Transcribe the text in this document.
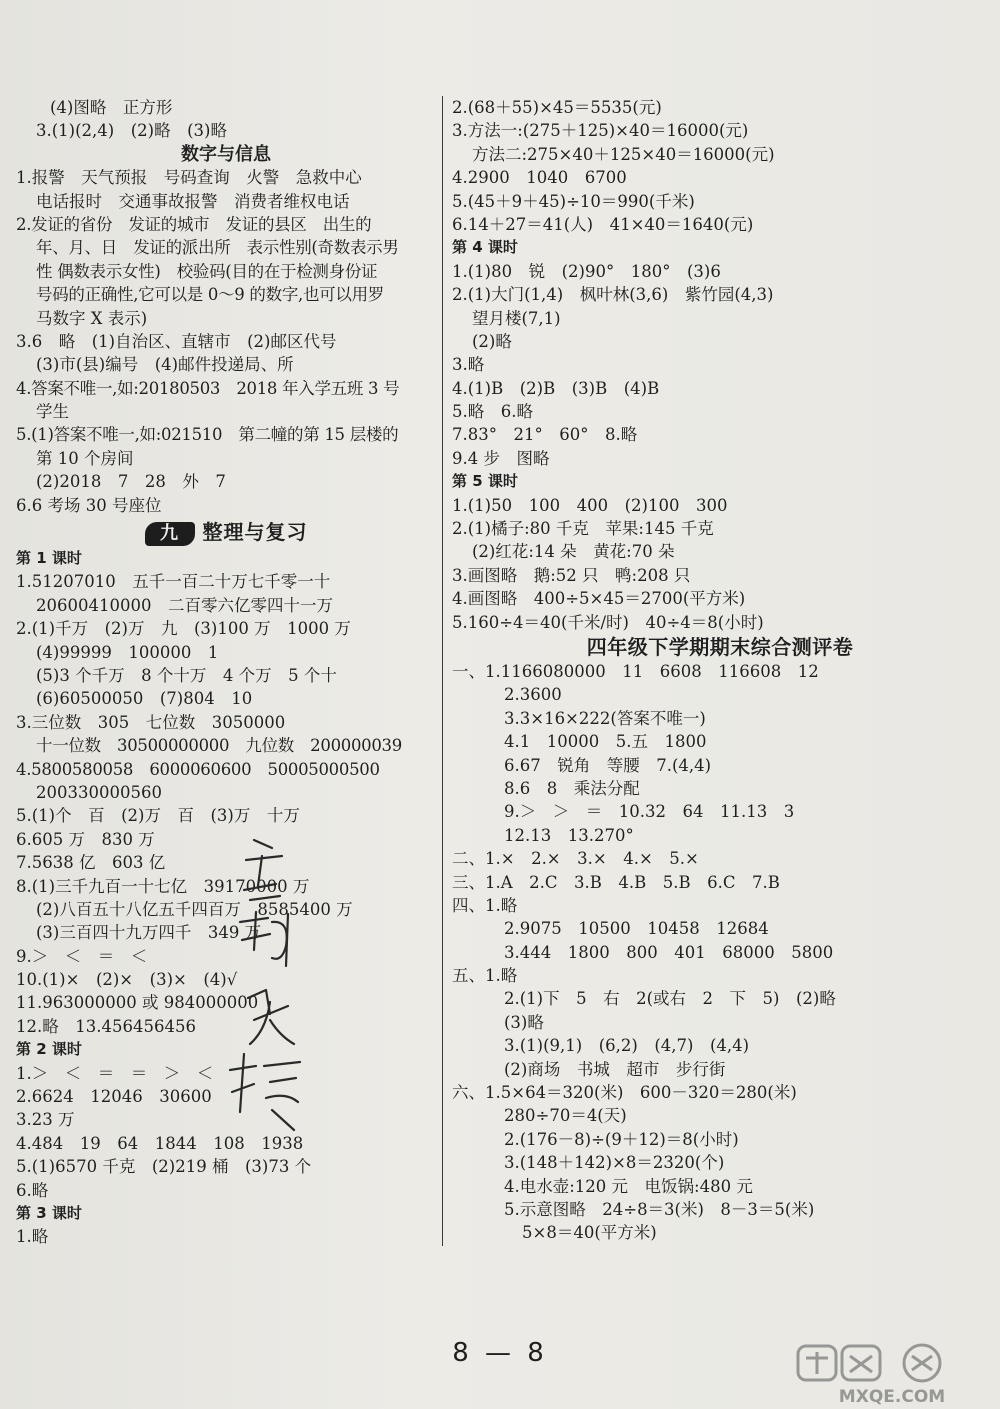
(4)图略　正方形
3.(1)(2,4)　(2)略　(3)略
数字与信息
1.报警　天气预报　号码查询　火警　急救中心
电话报时　交通事故报警　消费者维权电话
2.发证的省份　发证的城市　发证的县区　出生的
年、月、日　发证的派出所　表示性别(奇数表示男
性 偶数表示女性)　校验码(目的在于检测身份证
号码的正确性,它可以是 0～9 的数字,也可以用罗
马数字 X 表示)
3.6　略　(1)自治区、直辖市　(2)邮区代号
(3)市(县)编号　(4)邮件投递局、所
4.答案不唯一,如:20180503　2018 年入学五班 3 号
学生
5.(1)答案不唯一,如:021510　第二幢的第 15 层楼的
第 10 个房间
(2)2018　7　28　外　7
6.6 考场 30 号座位
九 整理与复习
第 1 课时
1.51207010　五千一百二十万七千零一十
20600410000　二百零六亿零四十一万
2.(1)千万　(2)万　九　(3)100 万　1000 万
(4)99999　100000　1
(5)3 个千万　8 个十万　4 个万　5 个十
(6)60500050　(7)804　10
3.三位数　305　七位数　3050000
十一位数　30500000000　九位数　200000039
4.5800580058　6000060600　50005000500
200330000560
5.(1)个　百　(2)万　百　(3)万　十万
6.605 万　830 万
7.5638 亿　603 亿
8.(1)三千九百一十七亿　39170000 万
(2)八百五十八亿五千四百万　8585400 万
(3)三百四十九万四千　349 万
9.＞　＜　＝　＜
10.(1)×　(2)×　(3)×　(4)√
11.963000000 或 984000000
12.略　13.456456456
第 2 课时
1.＞　＜　＝　＝　＞　＜
2.6624　12046　30600
3.23 万
4.484　19　64　1844　108　1938
5.(1)6570 千克　(2)219 桶　(3)73 个
6.略
第 3 课时
1.略
2.(68＋55)×45＝5535(元)
3.方法一:(275＋125)×40＝16000(元)
方法二:275×40＋125×40＝16000(元)
4.2900　1040　6700
5.(45＋9＋45)÷10＝990(千米)
6.14＋27＝41(人)　41×40＝1640(元)
第 4 课时
1.(1)80　锐　(2)90°　180°　(3)6
2.(1)大门(1,4)　枫叶林(3,6)　紫竹园(4,3)
望月楼(7,1)
(2)略
3.略
4.(1)B　(2)B　(3)B　(4)B
5.略　6.略
7.83°　21°　60°　8.略
9.4 步　图略
第 5 课时
1.(1)50　100　400　(2)100　300
2.(1)橘子:80 千克　苹果:145 千克
(2)红花:14 朵　黄花:70 朵
3.画图略　鹅:52 只　鸭:208 只
4.画图略　400÷5×45＝2700(平方米)
5.160÷4＝40(千米/时)　40÷4＝8(小时)
四年级下学期期末综合测评卷
一、1.1166080000　11　6608　116608　12
2.3600
3.3×16×222(答案不唯一)
4.1　10000　5.五　1800
6.67　锐角　等腰　7.(4,4)
8.6　8　乘法分配
9.＞　＞　＝　10.32　64　11.13　3
12.13　13.270°
二、1.×　2.×　3.×　4.×　5.×
三、1.A　2.C　3.B　4.B　5.B　6.C　7.B
四、1.略
2.9075　10500　10458　12684
3.444　1800　800　401　68000　5800
五、1.略
2.(1)下　5　右　2(或右　2　下　5)　(2)略
(3)略
3.(1)(9,1)　(6,2)　(4,7)　(4,4)
(2)商场　书城　超市　步行街
六、1.5×64＝320(米)　600－320＝280(米)
280÷70＝4(天)
2.(176－8)÷(9＋12)＝8(小时)
3.(148＋142)×8＝2320(个)
4.电水壶:120 元　电饭锅:480 元
5.示意图略　24÷8＝3(米)　8－3＝5(米)
5×8＝40(平方米)
8 — 8
MXQE.COM
